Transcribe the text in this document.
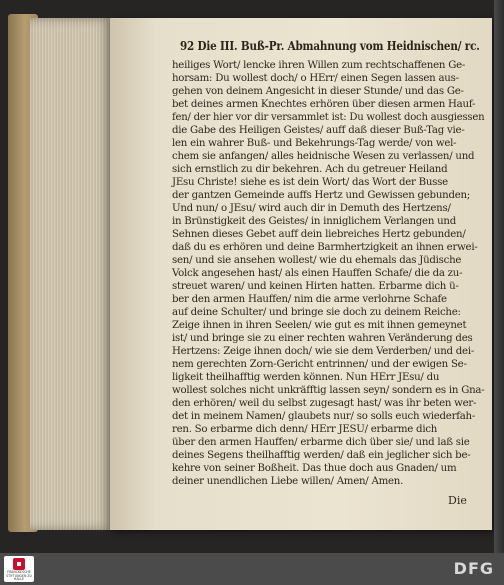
92 Die III. Buß-Pr. Abmahnung vom Heidnischen/ rc.
heiliges Wort/ lencke ihren Willen zum rechtschaffenen Ge-
horsam: Du wollest doch/ o HErr/ einen Segen lassen aus-
gehen von deinem Angesicht in dieser Stunde/ und das Ge-
bet deines armen Knechtes erhören über diesen armen Hauf-
fen/ der hier vor dir versammlet ist: Du wollest doch ausgiessen
die Gabe des Heiligen Geistes/ auff daß dieser Buß-Tag vie-
len ein wahrer Buß- und Bekehrungs-Tag werde/ von wel-
chem sie anfangen/ alles heidnische Wesen zu verlassen/ und
sich ernstlich zu dir bekehren. Ach du getreuer Heiland
JEsu Christe! siehe es ist dein Wort/ das Wort der Busse
der gantzen Gemeinde auffs Hertz und Gewissen gebunden;
Und nun/ o JEsu/ wird auch dir in Demuth des Hertzens/
in Brünstigkeit des Geistes/ in inniglichem Verlangen und
Sehnen dieses Gebet auff dein liebreiches Hertz gebunden/
daß du es erhören und deine Barmhertzigkeit an ihnen erwei-
sen/ und sie ansehen wollest/ wie du ehemals das Jüdische
Volck angesehen hast/ als einen Hauffen Schafe/ die da zu-
streuet waren/ und keinen Hirten hatten. Erbarme dich ü-
ber den armen Hauffen/ nim die arme verlohrne Schafe
auf deine Schulter/ und bringe sie doch zu deinem Reiche:
Zeige ihnen in ihren Seelen/ wie gut es mit ihnen gemeynet
ist/ und bringe sie zu einer rechten wahren Veränderung des
Hertzens: Zeige ihnen doch/ wie sie dem Verderben/ und dei-
nem gerechten Zorn-Gericht entrinnen/ und der ewigen Se-
ligkeit theilhafftig werden können. Nun HErr JEsu/ du
wollest solches nicht unkräfftig lassen seyn/ sondern es in Gna-
den erhören/ weil du selbst zugesagt hast/ was ihr beten wer-
det in meinem Namen/ glaubets nur/ so solls euch wiederfah-
ren. So erbarme dich denn/ HErr JESU/ erbarme dich
über den armen Hauffen/ erbarme dich über sie/ und laß sie
deines Segens theilhafftig werden/ daß ein jeglicher sich be-
kehre von seiner Boßheit. Das thue doch aus Gnaden/ um
deiner unendlichen Liebe willen/ Amen/ Amen.
Die
FRANCKESCHE STIFTUNGEN ZU HALLE
DFG
